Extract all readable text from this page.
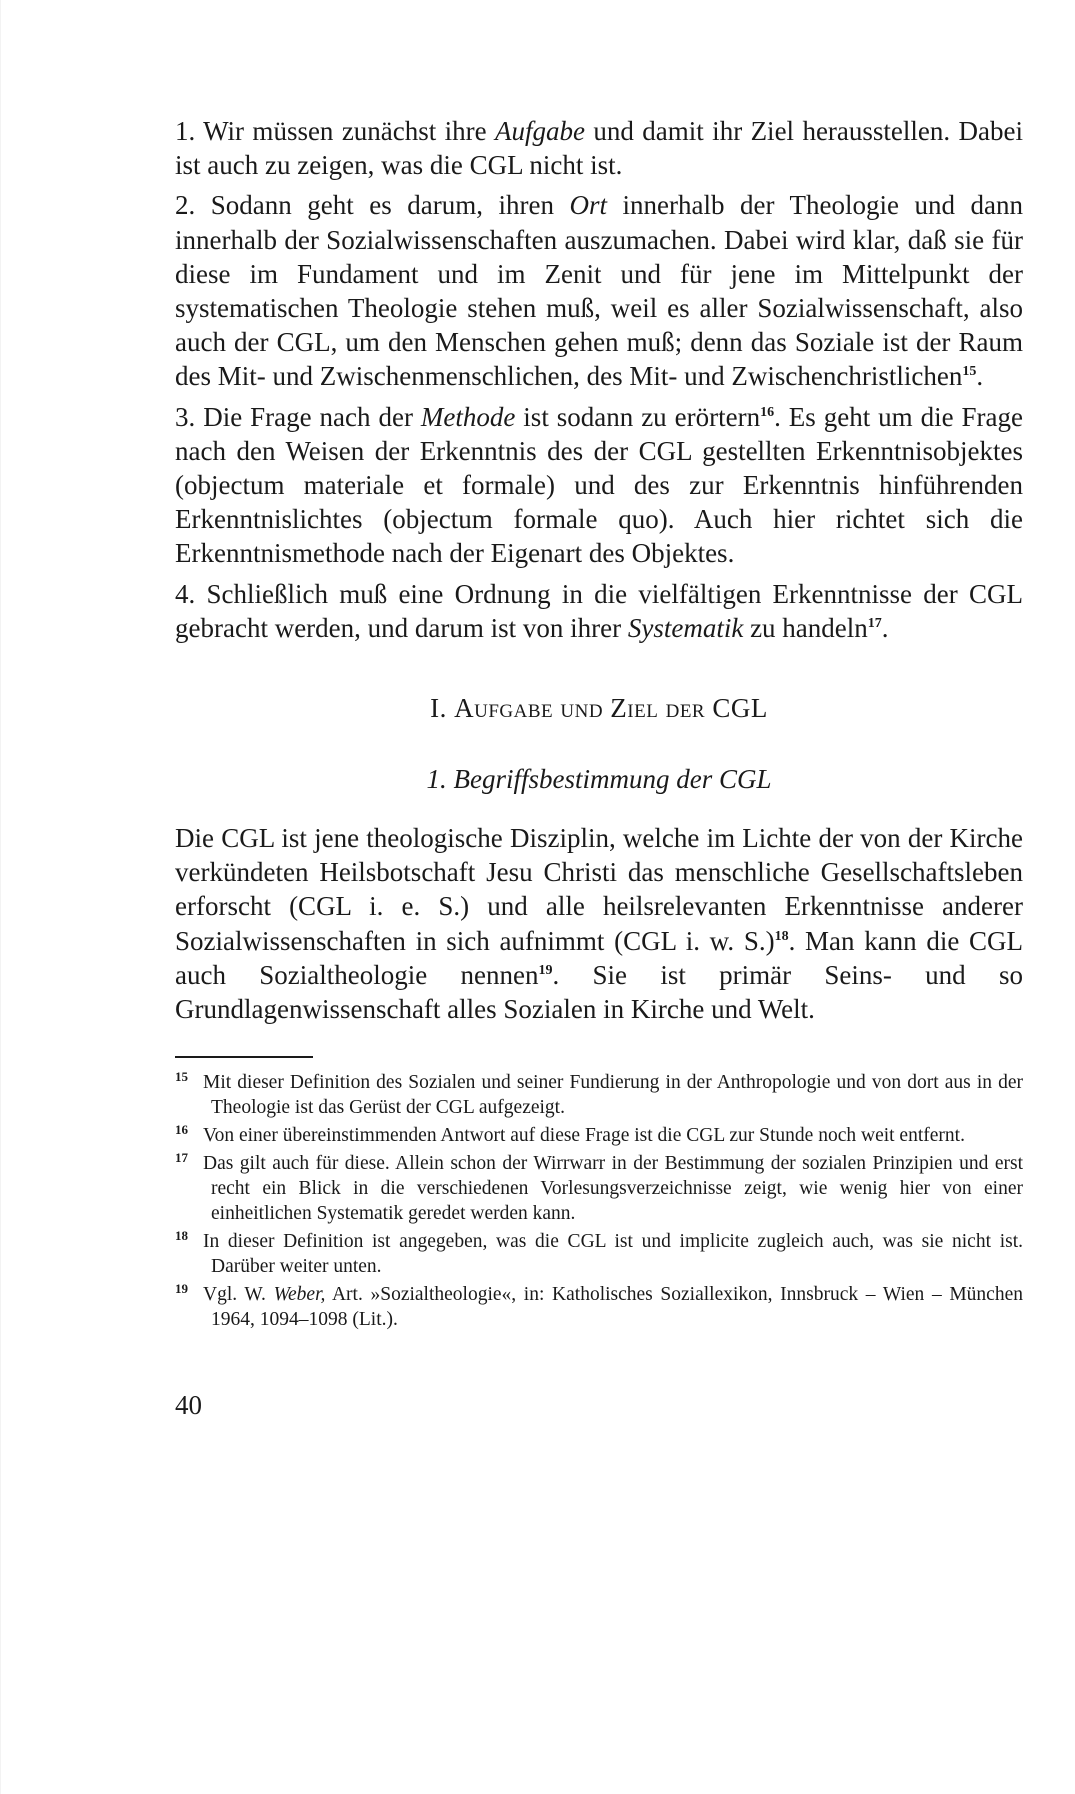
1. Wir müssen zunächst ihre Aufgabe und damit ihr Ziel herausstellen. Dabei ist auch zu zeigen, was die CGL nicht ist.

2. Sodann geht es darum, ihren Ort innerhalb der Theologie und dann innerhalb der Sozialwissenschaften auszumachen. Dabei wird klar, daß sie für diese im Fundament und im Zenit und für jene im Mittelpunkt der systematischen Theologie stehen muß, weil es aller Sozialwissenschaft, also auch der CGL, um den Menschen gehen muß; denn das Soziale ist der Raum des Mit- und Zwischenmenschlichen, des Mit- und Zwischenchristlichen$^{15}$.

3. Die Frage nach der Methode ist sodann zu erörtern$^{16}$. Es geht um die Frage nach den Weisen der Erkenntnis des der CGL gestellten Erkenntnisobjektes (objectum materiale et formale) und des zur Erkenntnis hinführenden Erkenntnislichtes (objectum formale quo). Auch hier richtet sich die Erkenntnismethode nach der Eigenart des Objektes.

4. Schließlich muß eine Ordnung in die vielfältigen Erkenntnisse der CGL gebracht werden, und darum ist von ihrer Systematik zu handeln$^{17}$.

I. Aufgabe und Ziel der CGL
1. Begriffsbestimmung der CGL

Die CGL ist jene theologische Disziplin, welche im Lichte der von der Kirche verkündeten Heilsbotschaft Jesu Christi das menschliche Gesellschaftsleben erforscht (CGL i. e. S.) und alle heilsrelevanten Erkenntnisse anderer Sozialwissenschaften in sich aufnimmt (CGL i. w. S.)$^{18}$. Man kann die CGL auch Sozialtheologie nennen$^{19}$. Sie ist primär Seins- und so Grundlagenwissenschaft alles Sozialen in Kirche und Welt.

15 Mit dieser Definition des Sozialen und seiner Fundierung in der Anthropologie und von dort aus in der Theologie ist das Gerüst der CGL aufgezeigt.

16 Von einer übereinstimmenden Antwort auf diese Frage ist die CGL zur Stunde noch weit entfernt.

17 Das gilt auch für diese. Allein schon der Wirrwarr in der Bestimmung der sozialen Prinzipien und erst recht ein Blick in die verschiedenen Vorlesungsverzeichnisse zeigt, wie wenig hier von einer einheitlichen Systematik geredet werden kann.

18 In dieser Definition ist angegeben, was die CGL ist und implicite zugleich auch, was sie nicht ist. Darüber weiter unten.

19 Vgl. W. Weber, Art. »Sozialtheologie«, in: Katholisches Soziallexikon, Innsbruck – Wien – München 1964, 1094–1098 (Lit.).

40
